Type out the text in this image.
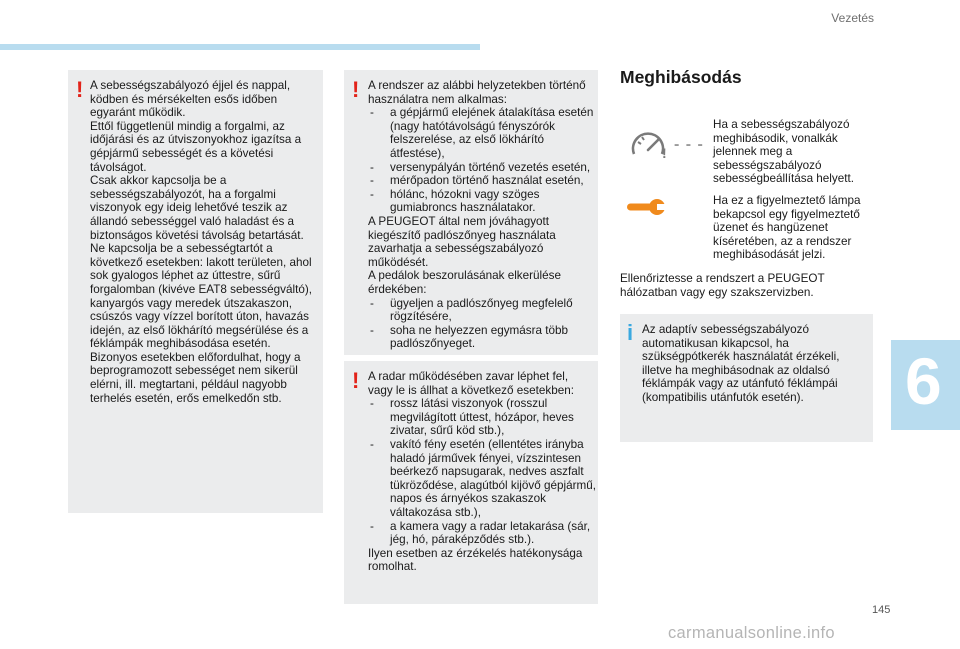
Vezetés
! A sebességszabályozó éjjel és nappal, ködben és mérsékelten esős időben egyaránt működik.
Ettől függetlenül mindig a forgalmi, az időjárási és az útviszonyokhoz igazítsa a gépjármű sebességét és a követési távolságot.
Csak akkor kapcsolja be a sebességszabályozót, ha a forgalmi viszonyok egy ideig lehetővé teszik az állandó sebességgel való haladást és a biztonságos követési távolság betartását.
Ne kapcsolja be a sebességtartót a következő esetekben: lakott területen, ahol sok gyalogos léphet az úttestre, sűrű forgalomban (kivéve EAT8 sebességváltó), kanyargós vagy meredek útszakaszon, csúszós vagy vízzel borított úton, havazás idején, az első lökhárító megsérülése és a féklámpák meghibásodása esetén.
Bizonyos esetekben előfordulhat, hogy a beprogramozott sebességet nem sikerül elérni, ill. megtartani, például nagyobb terhelés esetén, erős emelkedőn stb.

! A rendszer az alábbi helyzetekben történő használatra nem alkalmas:

- a gépjármű elejének átalakítása esetén (nagy hatótávolságú fényszórók felszerelése, az első lökhárító átfestése),
- versenypályán történő vezetés esetén,
- mérőpadon történő használat esetén,
- hólánc, hózokni vagy szöges gumiabroncs használatakor.

A PEUGEOT által nem jóváhagyott kiegészítő padlószőnyeg használata zavarhatja a sebességszabályozó működését.

A pedálok beszorulásának elkerülése érdekében:

- ügyeljen a padlószőnyeg megfelelő rögzítésére,
- soha ne helyezzen egymásra több padlószőnyeget.
! A radar működésében zavar léphet fel, vagy le is állhat a következő esetekben:

- rossz látási viszonyok (rosszul megvilágított úttest, hózápor, heves zivatar, sűrű köd stb.),
- vakító fény esetén (ellentétes irányba haladó járművek fényei, vízszintesen beérkező napsugarak, nedves aszfalt tükröződése, alagútból kijövő gépjármű, napos és árnyékos szakaszok váltakozása stb.),
- a kamera vagy a radar letakarása (sár, jég, hó, páraképződés stb.).

Ilyen esetben az érzékelés hatékonysága romolhat.

Meghibásodás
! - - -

Ha a sebességszabályozó meghibásodik, vonalkák jelennek meg a sebességszabályozó sebességbeállítása helyett.

Ha ez a figyelmeztető lámpa bekapcsol egy figyelmeztető üzenet és hangüzenet kíséretében, az a rendszer meghibásodását jelzi.

Ellenőriztesse a rendszert a PEUGEOT hálózatban vagy egy szakszervizben.

i Az adaptív sebességszabályozó automatikusan kikapcsol, ha szükségpótkerék használatát érzékeli, illetve ha meghibásodnak az oldalsó féklámpák vagy az utánfutó féklámpái (kompatibilis utánfutók esetén).	6
145
carmanualsonline.info
